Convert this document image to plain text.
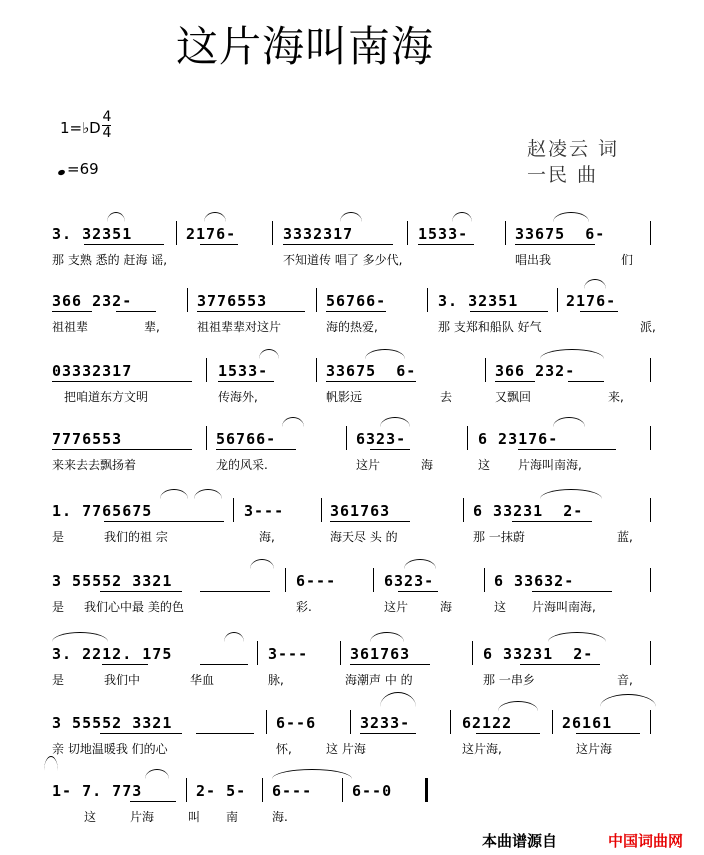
这片海叫南海
1=♭D
4
4
=69
赵凌云 词
一民 曲
3. 32351	2176-	3332317	1533-	33675  6-
那 支熟 悉的 赶海 谣,	不知道传 唱了 多少代,	唱出我	们
366 232-	3776553	56766-	3. 32351	2176-
祖祖辈	辈,	祖祖辈辈对这片	海的热爱,	那 支郑和船队 好气	派,
03332317	1533-	33675  6-	366 232-
把咱道东方文明	传海外,	帆影远	去	又飘回	来,
7776553	56766-	6323-	6 23176-
来来去去飘扬着	龙的风采.	这片	海	这 片海叫南海,
1. 7765675	3---	361763	6 33231  2-
是	我们的祖 宗	海,	海天尽 头 的	那 一抹蔚	蓝,
3 55552 3321	6---	6323-	6 33632-
是 我们心中最 美的色	彩.	这片	海	这 片海叫南海,
3. 2212. 175	3---	361763	6 33231  2-
是	我们中	华血	脉,	海潮声 中 的	那 一串乡	音,
3 55552 3321	6--6	3233-	62122	26161
亲 切地温暖我 们的心	怀,	这 片海	这片海,	这片海
1- 7. 773	2- 5- 6---	6--0
这	片海	叫 南	海.
本曲谱源自	中国词曲网
